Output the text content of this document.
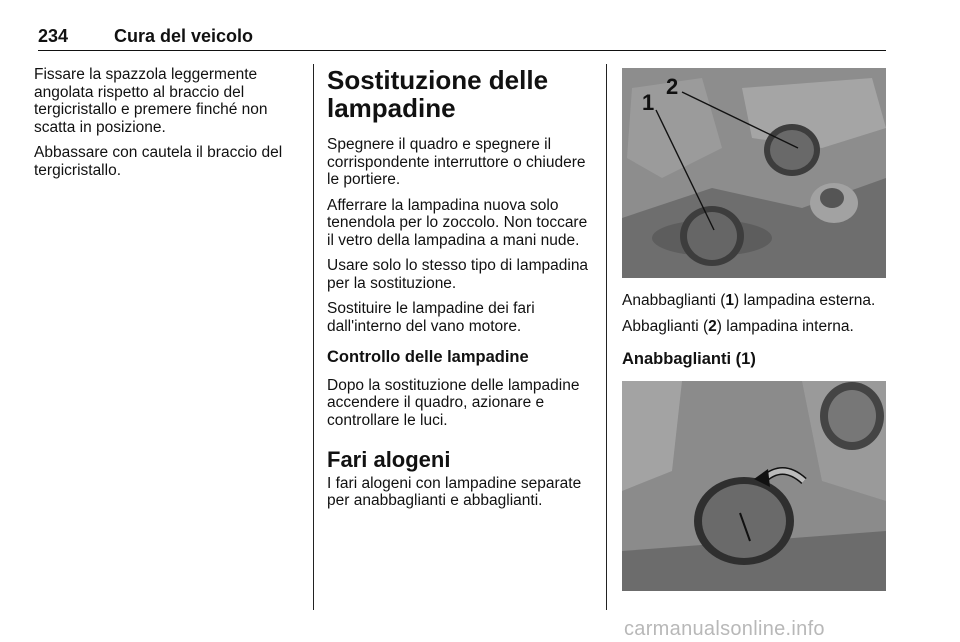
234	Cura del veicolo

Fissare la spazzola leggermente angolata rispetto al braccio del tergicristallo e premere finché non scatta in posizione.

Abbassare con cautela il braccio del tergicristallo.

Sostituzione delle lampadine

Spegnere il quadro e spegnere il corrispondente interruttore o chiudere le portiere.

Afferrare la lampadina nuova solo tenendola per lo zoccolo. Non toccare il vetro della lampadina a mani nude.

Usare solo lo stesso tipo di lampadina per la sostituzione.

Sostituire le lampadine dei fari dall'interno del vano motore.

Controllo delle lampadine

Dopo la sostituzione delle lampadine accendere il quadro, azionare e controllare le luci.

Fari alogeni

I fari alogeni con lampadine separate per anabbaglianti e abbaglianti.

1
2

Anabbaglianti (1) lampadina esterna.

Abbaglianti (2) lampadina interna.

Anabbaglianti (1)
carmanualsonline.info
